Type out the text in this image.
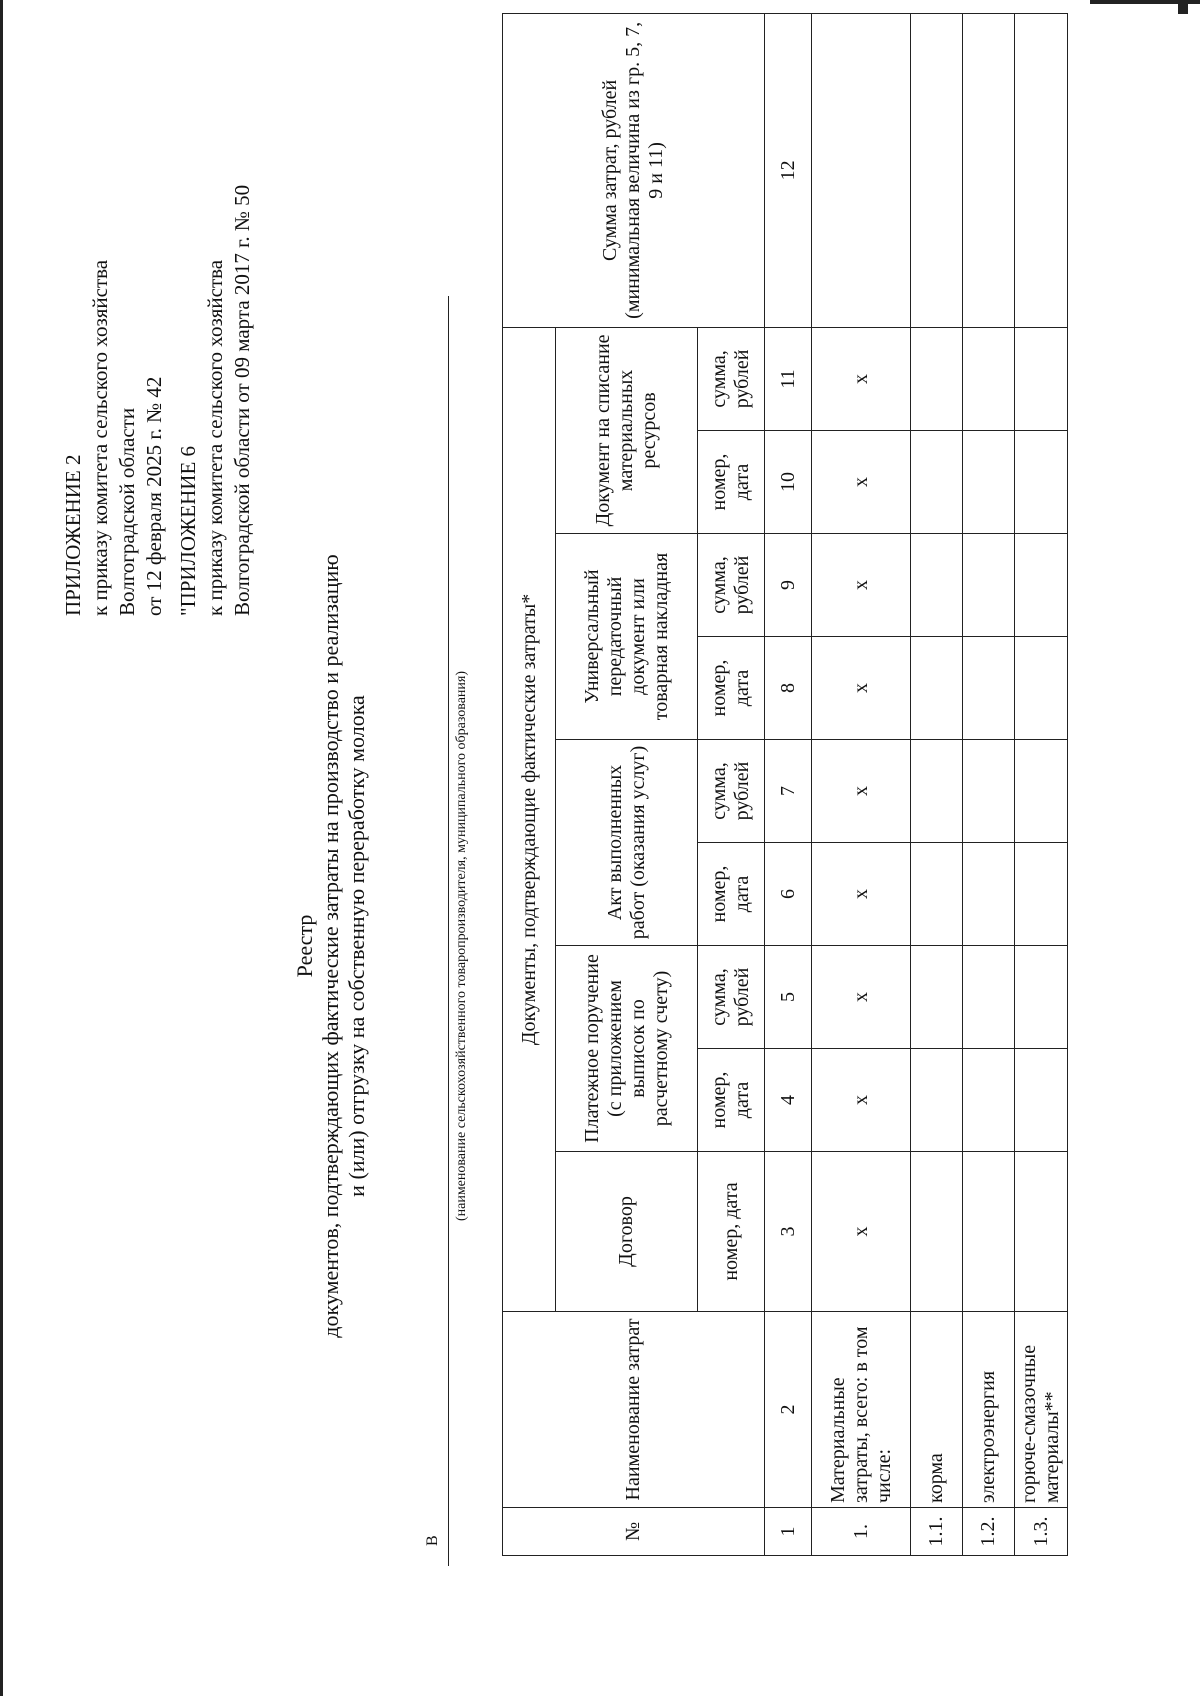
ПРИЛОЖЕНИЕ 2 к приказу комитета сельского хозяйства Волгоградской области от 12 февраля 2025 г. № 42 "ПРИЛОЖЕНИЕ 6 к приказу комитета сельского хозяйства Волгоградской области от 09 марта 2017 г. № 50
Реестр документов, подтверждающих фактические затраты на производство и реализацию и (или) отгрузку на собственную переработку молока
В
(наименование сельскохозяйственного товаропроизводителя, муниципального образования)
№	Наименование затрат	Документы, подтверждающие фактические затраты*									Сумма затрат, рублей (минимальная величина из гр. 5, 7, 9 и 11)
		Договор	Платежное поручение (с приложением выписок по расчетному счету)		Акт выполненных работ (оказания услуг)		Универсальный передаточный документ или товарная накладная		Документ на списание материальных ресурсов		
		номер, дата	номер, дата	сумма, рублей	номер, дата	сумма, рублей	номер, дата	сумма, рублей	номер, дата	сумма, рублей	
1	2	3	4	5	6	7	8	9	10	11	12
1.	Материальные затраты, всего: в том числе:	x	x	x	x	x	x	x	x	x	
1.1.	корма										
1.2.	электроэнергия										
1.3.	горюче-смазочные материалы**										
